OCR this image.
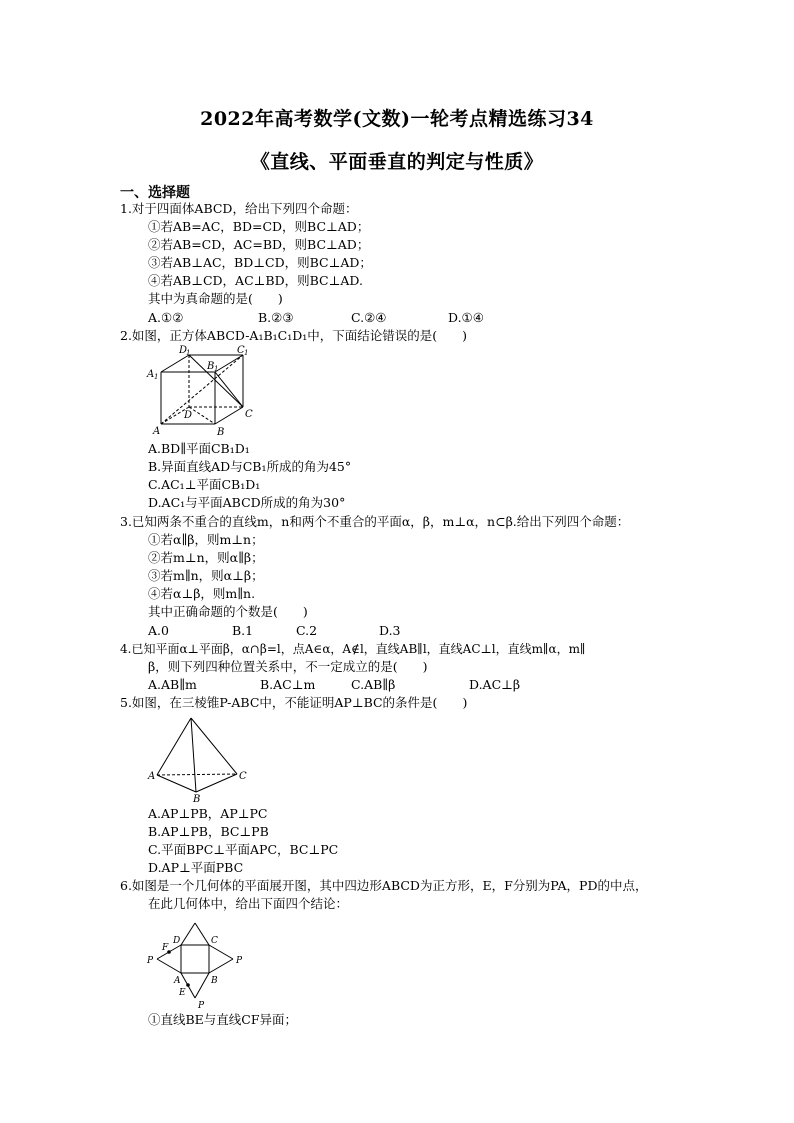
2022年高考数学(文数)一轮考点精选练习34
《直线、平面垂直的判定与性质》
一、选择题
1.对于四面体ABCD，给出下列四个命题：
①若AB=AC，BD=CD，则BC⊥AD；
②若AB=CD，AC=BD，则BC⊥AD；
③若AB⊥AC，BD⊥CD，则BC⊥AD；
④若AB⊥CD，AC⊥BD，则BC⊥AD.
其中为真命题的是(　　)
A.①②	B.②③	C.②④	D.①④
2.如图，正方体ABCD-A₁B₁C₁D₁中，下面结论错误的是(　　)
D
1	C 1
A 1
B 1
D	C
A	B
A.BD∥平面CB₁D₁
B.异面直线AD与CB₁所成的角为45°
C.AC₁⊥平面CB₁D₁
D.AC₁与平面ABCD所成的角为30°
3.已知两条不重合的直线m，n和两个不重合的平面α，β，m⊥α，n⊂β.给出下列四个命题：
①若α∥β，则m⊥n；
②若m⊥n，则α∥β；
③若m∥n，则α⊥β；
④若α⊥β，则m∥n.
其中正确命题的个数是(　　)
A.0	B.1	C.2	D.3
4.已知平面α⊥平面β，α∩β=l，点A∈α，A∉l，直线AB∥l，直线AC⊥l，直线m∥α，m∥
β，则下列四种位置关系中，不一定成立的是(　　)
A.AB∥m	B.AC⊥m	C.AB∥β	D.AC⊥β
5.如图，在三棱锥P-ABC中，不能证明AP⊥BC的条件是(　　)
A	C
B
A.AP⊥PB，AP⊥PC
B.AP⊥PB，BC⊥PB
C.平面BPC⊥平面APC，BC⊥PC
D.AP⊥平面PBC
6.如图是一个几何体的平面展开图，其中四边形ABCD为正方形，E，F分别为PA，PD的中点，
在此几何体中，给出下面四个结论：
F
D	C
P	P
A	B
E
P
①直线BE与直线CF异面；
